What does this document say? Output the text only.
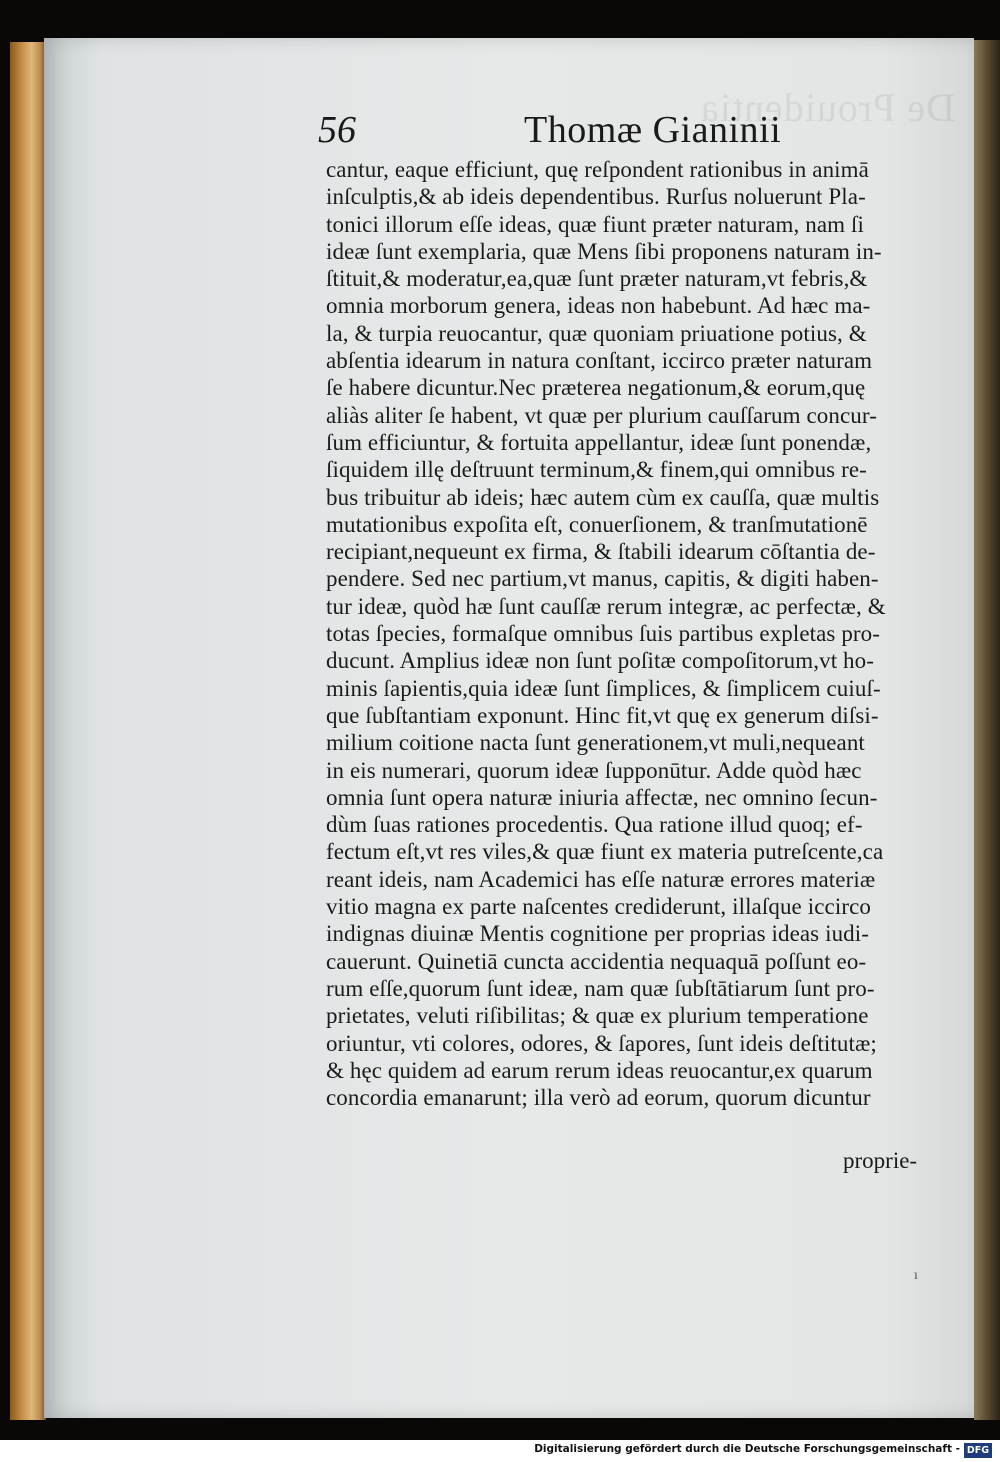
De Prouidentia
56	Thomæ Gianinii
cantur, eaque efficiunt, quę reſpondent rationibus in animā
inſculptis,& ab ideis dependentibus. Rurſus noluerunt Pla-
tonici illorum eſſe ideas, quæ fiunt præter naturam, nam ſi
ideæ ſunt exemplaria, quæ Mens ſibi proponens naturam in-
ſtituit,& moderatur,ea,quæ ſunt præter naturam,vt febris,&
omnia morborum genera, ideas non habebunt. Ad hæc ma-
la, & turpia reuocantur, quæ quoniam priuatione potius, &
abſentia idearum in natura conſtant, iccirco præter naturam
ſe habere dicuntur.Nec præterea negationum,& eorum,quę
aliàs aliter ſe habent, vt quæ per plurium cauſſarum concur-
ſum efficiuntur, & fortuita appellantur, ideæ ſunt ponendæ,
ſiquidem illę deſtruunt terminum,& finem,qui omnibus re-
bus tribuitur ab ideis; hæc autem cùm ex cauſſa, quæ multis
mutationibus expoſita eſt, conuerſionem, & tranſmutationē
recipiant,nequeunt ex firma, & ſtabili idearum cōſtantia de-
pendere. Sed nec partium,vt manus, capitis, & digiti haben-
tur ideæ, quòd hæ ſunt cauſſæ rerum integræ, ac perfectæ, &
totas ſpecies, formaſque omnibus ſuis partibus expletas pro-
ducunt. Amplius ideæ non ſunt poſitæ compoſitorum,vt ho-
minis ſapientis,quia ideæ ſunt ſimplices, & ſimplicem cuiuſ-
que ſubſtantiam exponunt. Hinc fit,vt quę ex generum diſsi-
milium coitione nacta ſunt generationem,vt muli,nequeant
in eis numerari, quorum ideæ ſupponūtur. Adde quòd hæc
omnia ſunt opera naturæ iniuria affectæ, nec omnino ſecun-
dùm ſuas rationes procedentis. Qua ratione illud quoq; ef-
fectum eſt,vt res viles,& quæ fiunt ex materia putreſcente,ca
reant ideis, nam Academici has eſſe naturæ errores materiæ
vitio magna ex parte naſcentes crediderunt, illaſque iccirco
indignas diuinæ Mentis cognitione per proprias ideas iudi-
cauerunt. Quinetiā cuncta accidentia nequaquā poſſunt eo-
rum eſſe,quorum ſunt ideæ, nam quæ ſubſtātiarum ſunt pro-
prietates, veluti riſibilitas; & quæ ex plurium temperatione
oriuntur, vti colores, odores, & ſapores, ſunt ideis deſtitutæ;
& hęc quidem ad earum rerum ideas reuocantur,ex quarum
concordia emanarunt; illa verò ad eorum, quorum dicuntur
proprie-
ı
Digitalisierung gefördert durch die Deutsche Forschungsgemeinschaft - DFG
